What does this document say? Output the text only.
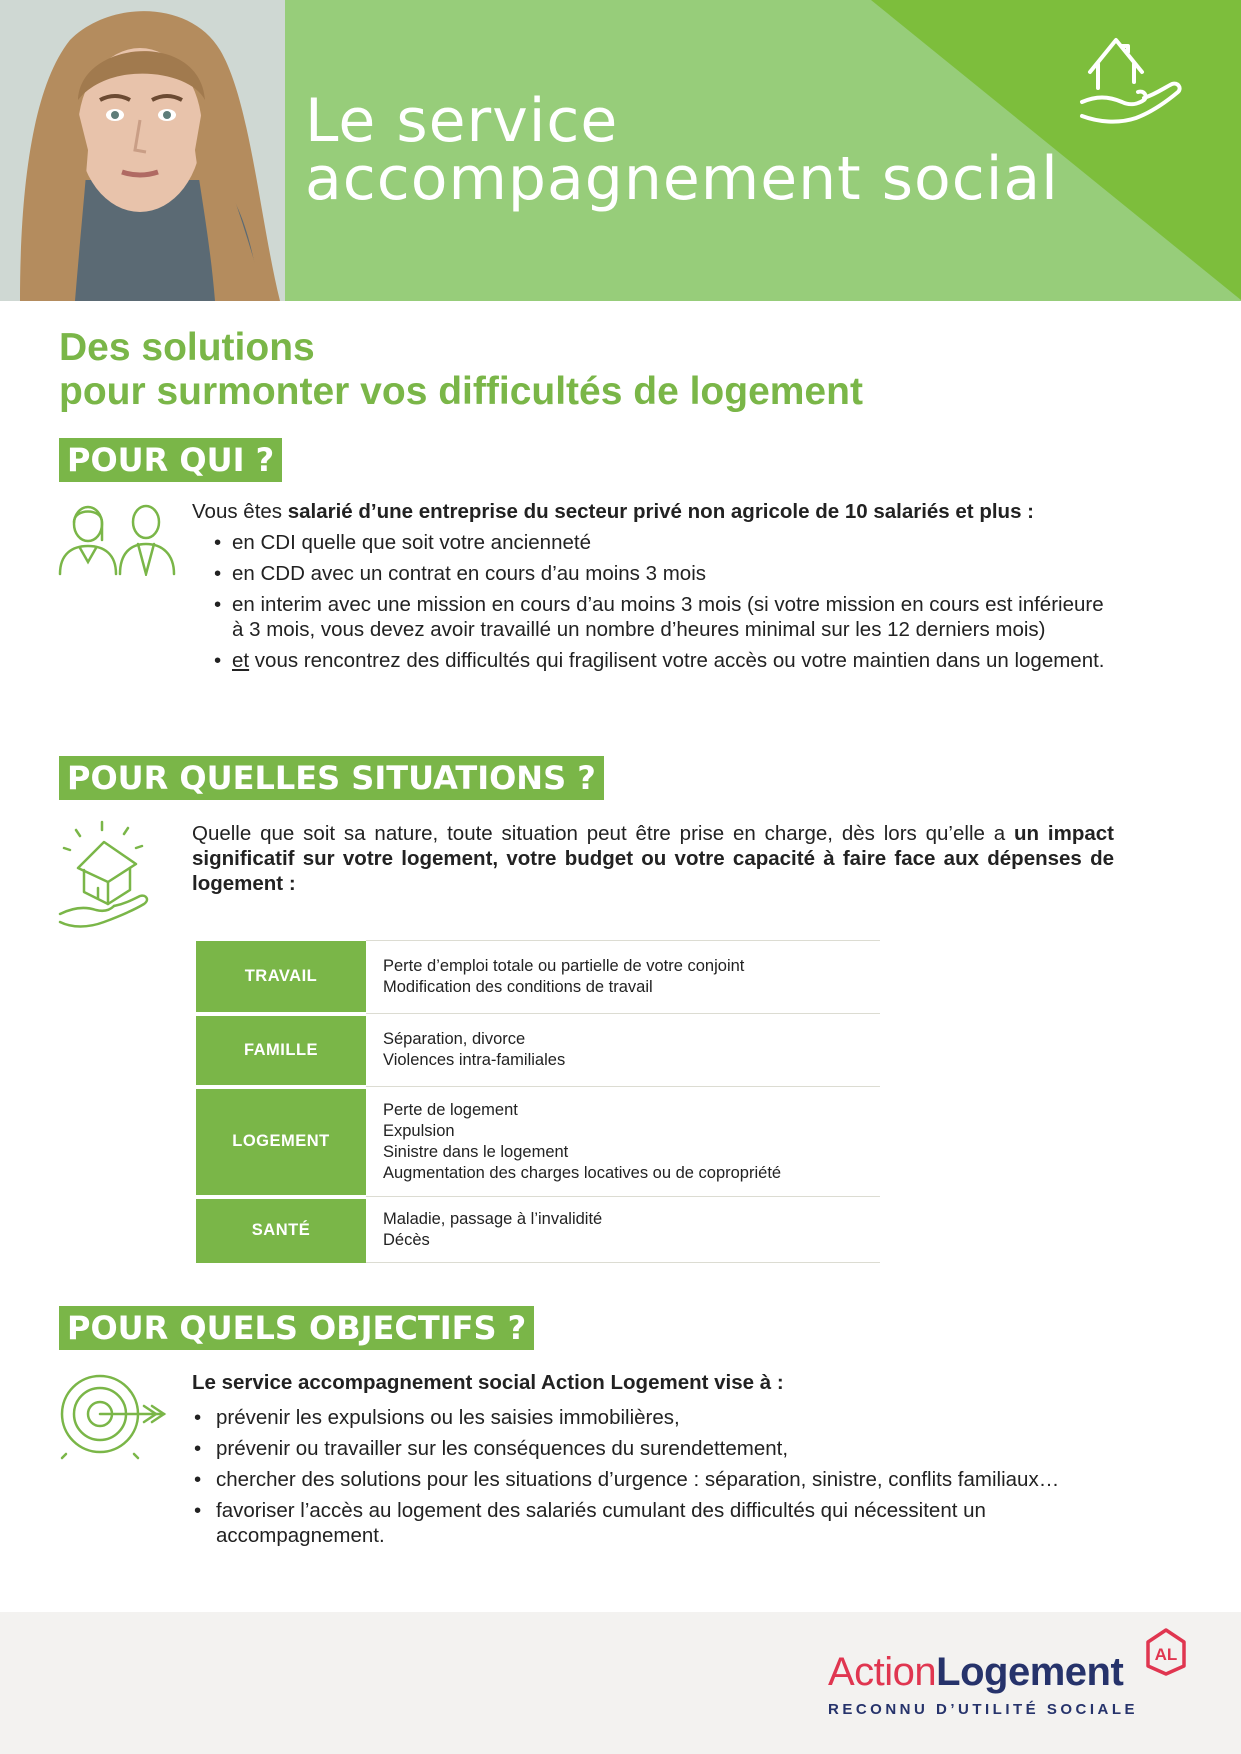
Le service
accompagnement social
Des solutions
pour surmonter vos difficultés de logement
POUR QUI ?

Vous êtes salarié d’une entreprise du secteur privé non agricole de 10 salariés et plus :

• en CDI quelle que soit votre ancienneté
• en CDD avec un contrat en cours d’au moins 3 mois
• en interim avec une mission en cours d’au moins 3 mois (si votre mission en cours est inférieure à 3 mois, vous devez avoir travaillé un nombre d’heures minimal sur les 12 derniers mois)
• et vous rencontrez des difficultés qui fragilisent votre accès ou votre maintien dans un logement.
POUR QUELLES SITUATIONS ?
Quelle que soit sa nature, toute situation peut être prise en charge, dès lors qu’elle a un impact significatif sur votre logement, votre budget ou votre capacité à faire face aux dépenses de logement :
TRAVAIL	Perte d’emploi totale ou partielle de votre conjoint
Modification des conditions de travail

FAMILLE	Séparation, divorce
Violences intra-familiales

LOGEMENT	Perte de logement
Expulsion
Sinistre dans le logement
Augmentation des charges locatives ou de copropriété

SANTÉ	Maladie, passage à l’invalidité
Décès
POUR QUELS OBJECTIFS ?

Le service accompagnement social Action Logement vise à :

• prévenir les expulsions ou les saisies immobilières,
• prévenir ou travailler sur les conséquences du surendettement,
• chercher des solutions pour les situations d’urgence : séparation, sinistre, conflits familiaux…
• favoriser l’accès au logement des salariés cumulant des difficultés qui nécessitent un accompagnement.
ActionLogement AL
RECONNU D’UTILITÉ SOCIALE
